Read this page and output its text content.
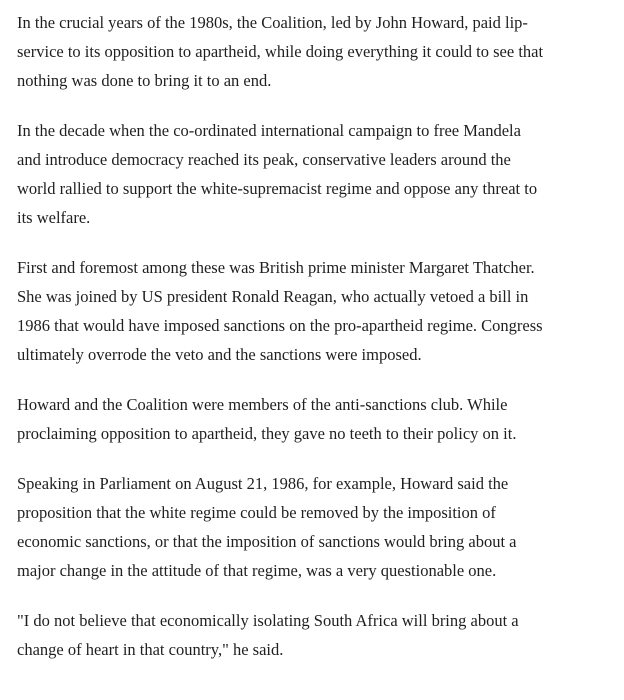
In the crucial years of the 1980s, the Coalition, led by John Howard, paid lip-
service to its opposition to apartheid, while doing everything it could to see that
nothing was done to bring it to an end.

In the decade when the co-ordinated international campaign to free Mandela
and introduce democracy reached its peak, conservative leaders around the
world rallied to support the white-supremacist regime and oppose any threat to
its welfare.

First and foremost among these was British prime minister Margaret Thatcher.
She was joined by US president Ronald Reagan, who actually vetoed a bill in
1986 that would have imposed sanctions on the pro-apartheid regime. Congress
ultimately overrode the veto and the sanctions were imposed.

Howard and the Coalition were members of the anti-sanctions club. While
proclaiming opposition to apartheid, they gave no teeth to their policy on it.

Speaking in Parliament on August 21, 1986, for example, Howard said the
proposition that the white regime could be removed by the imposition of
economic sanctions, or that the imposition of sanctions would bring about a
major change in the attitude of that regime, was a very questionable one.

"I do not believe that economically isolating South Africa will bring about a
change of heart in that country," he said.
